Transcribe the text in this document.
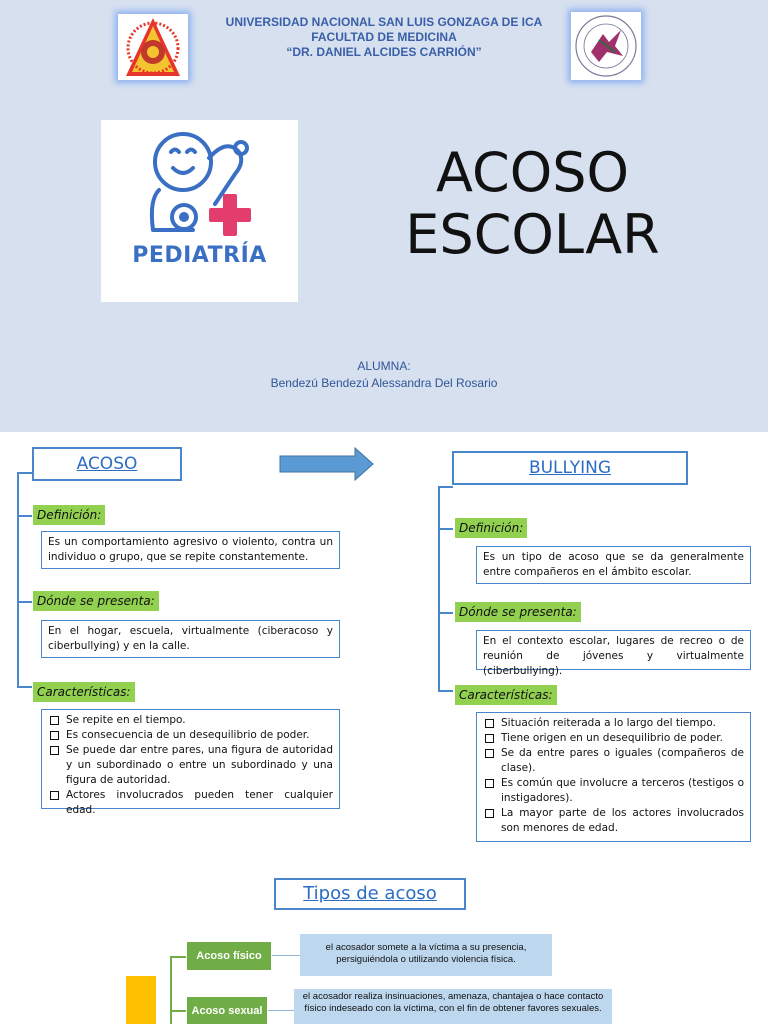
UNIVERSIDAD NACIONAL SAN LUIS GONZAGA DE ICA
FACULTAD DE MEDICINA
“DR. DANIEL ALCIDES CARRIÓN”
PEDIATRÍA
ACOSO
ESCOLAR
ALUMNA:
Bendezú Bendezú Alessandra Del Rosario
ACOSO
Definición:
Es un comportamiento agresivo o violento, contra un individuo o grupo, que se repite constantemente.
Dónde se presenta:
En el hogar, escuela, virtualmente (ciberacoso y ciberbullying) y en la calle.
Características:
Se repite en el tiempo.
Es consecuencia de un desequilibrio de poder.
Se puede dar entre pares, una figura de autoridad y un subordinado o entre un subordinado y una figura de autoridad.
Actores involucrados pueden tener cualquier edad.
BULLYING
Definición:
Es un tipo de acoso que se da generalmente entre compañeros en el ámbito escolar.
Dónde se presenta:
En el contexto escolar, lugares de recreo o de reunión de jóvenes y virtualmente (ciberbullying).
Características:
Situación reiterada a lo largo del tiempo.
Tiene origen en un desequilibrio de poder.
Se da entre pares o iguales (compañeros de clase).
Es común que involucre a terceros (testigos o instigadores).
La mayor parte de los actores involucrados son menores de edad.
Tipos de acoso
Acoso físico
el acosador somete a la víctima a su presencia, persiguiéndola o utilizando violencia física.
Acoso sexual
el acosador realiza insinuaciones, amenaza, chantajea o hace contacto físico indeseado con la víctima, con el fin de obtener favores sexuales.
